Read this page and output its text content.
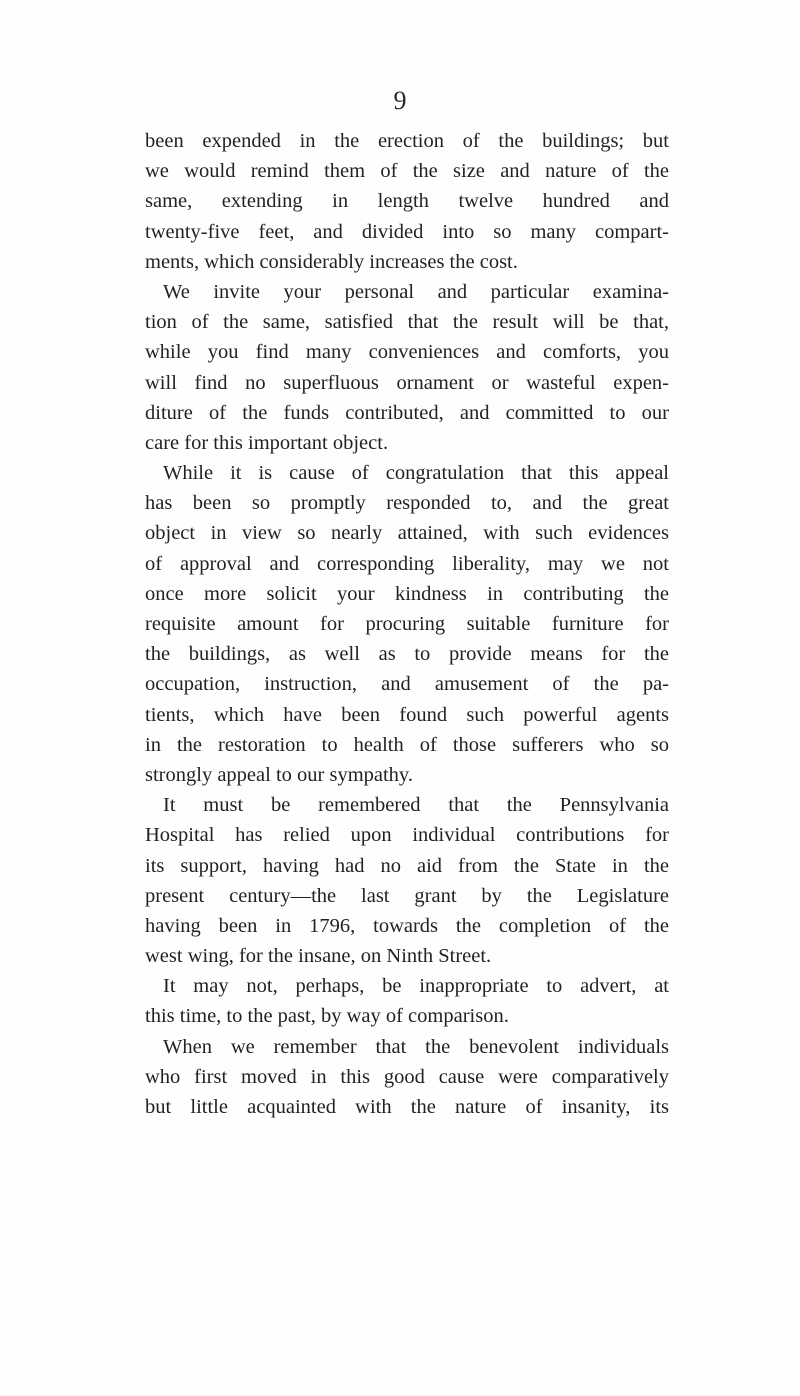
9
been expended in the erection of the buildings; but
we would remind them of the size and nature of the
same, extending in length twelve hundred and
twenty-five feet, and divided into so many compart-
ments, which considerably increases the cost.
We invite your personal and particular examina-
tion of the same, satisfied that the result will be that,
while you find many conveniences and comforts, you
will find no superfluous ornament or wasteful expen-
diture of the funds contributed, and committed to our
care for this important object.
While it is cause of congratulation that this appeal
has been so promptly responded to, and the great
object in view so nearly attained, with such evidences
of approval and corresponding liberality, may we not
once more solicit your kindness in contributing the
requisite amount for procuring suitable furniture for
the buildings, as well as to provide means for the
occupation, instruction, and amusement of the pa-
tients, which have been found such powerful agents
in the restoration to health of those sufferers who so
strongly appeal to our sympathy.
It must be remembered that the Pennsylvania
Hospital has relied upon individual contributions for
its support, having had no aid from the State in the
present century—the last grant by the Legislature
having been in 1796, towards the completion of the
west wing, for the insane, on Ninth Street.
It may not, perhaps, be inappropriate to advert, at
this time, to the past, by way of comparison.
When we remember that the benevolent individuals
who first moved in this good cause were comparatively
but little acquainted with the nature of insanity, its
